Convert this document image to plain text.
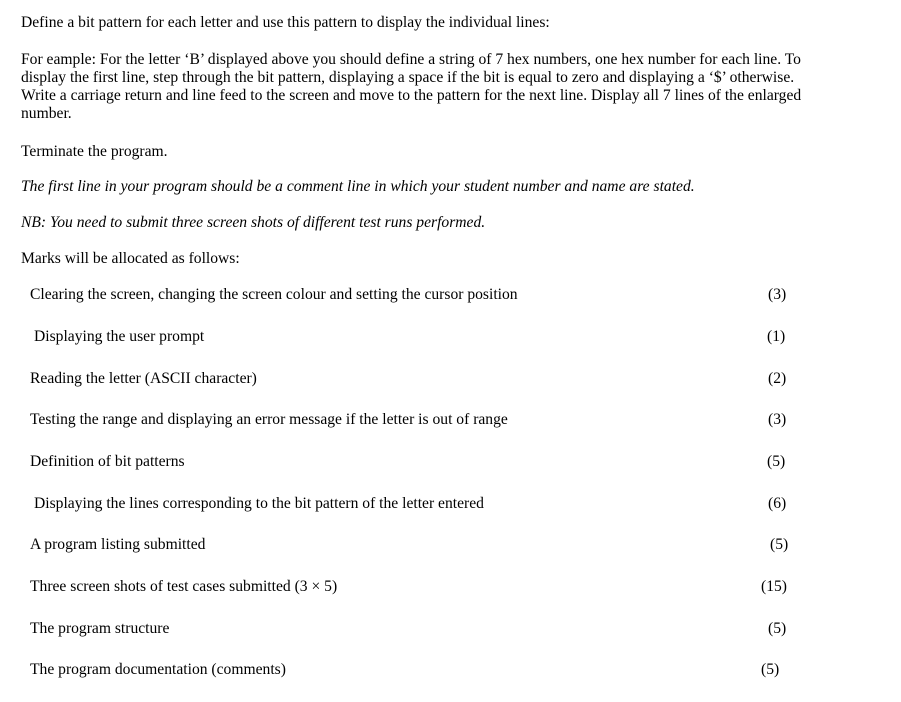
Define a bit pattern for each letter and use this pattern to display the individual lines:

For eample: For the letter ‘B’ displayed above you should define a string of 7 hex numbers, one hex number for each line. To display the first line, step through the bit pattern, displaying a space if the bit is equal to zero and displaying a ‘$’ otherwise. Write a carriage return and line feed to the screen and move to the pattern for the next line. Display all 7 lines of the enlarged number.

Terminate the program.

The first line in your program should be a comment line in which your student number and name are stated.

NB: You need to submit three screen shots of different test runs performed.

Marks will be allocated as follows:

Clearing the screen, changing the screen colour and setting the cursor position	(3)
Displaying the user prompt	(1)
Reading the letter (ASCII character)	(2)
Testing the range and displaying an error message if the letter is out of range	(3)
Definition of bit patterns	(5)
Displaying the lines corresponding to the bit pattern of the letter entered	(6)
A program listing submitted	(5)
Three screen shots of test cases submitted (3 × 5)	(15)
The program structure	(5)
The program documentation (comments)	(5)
